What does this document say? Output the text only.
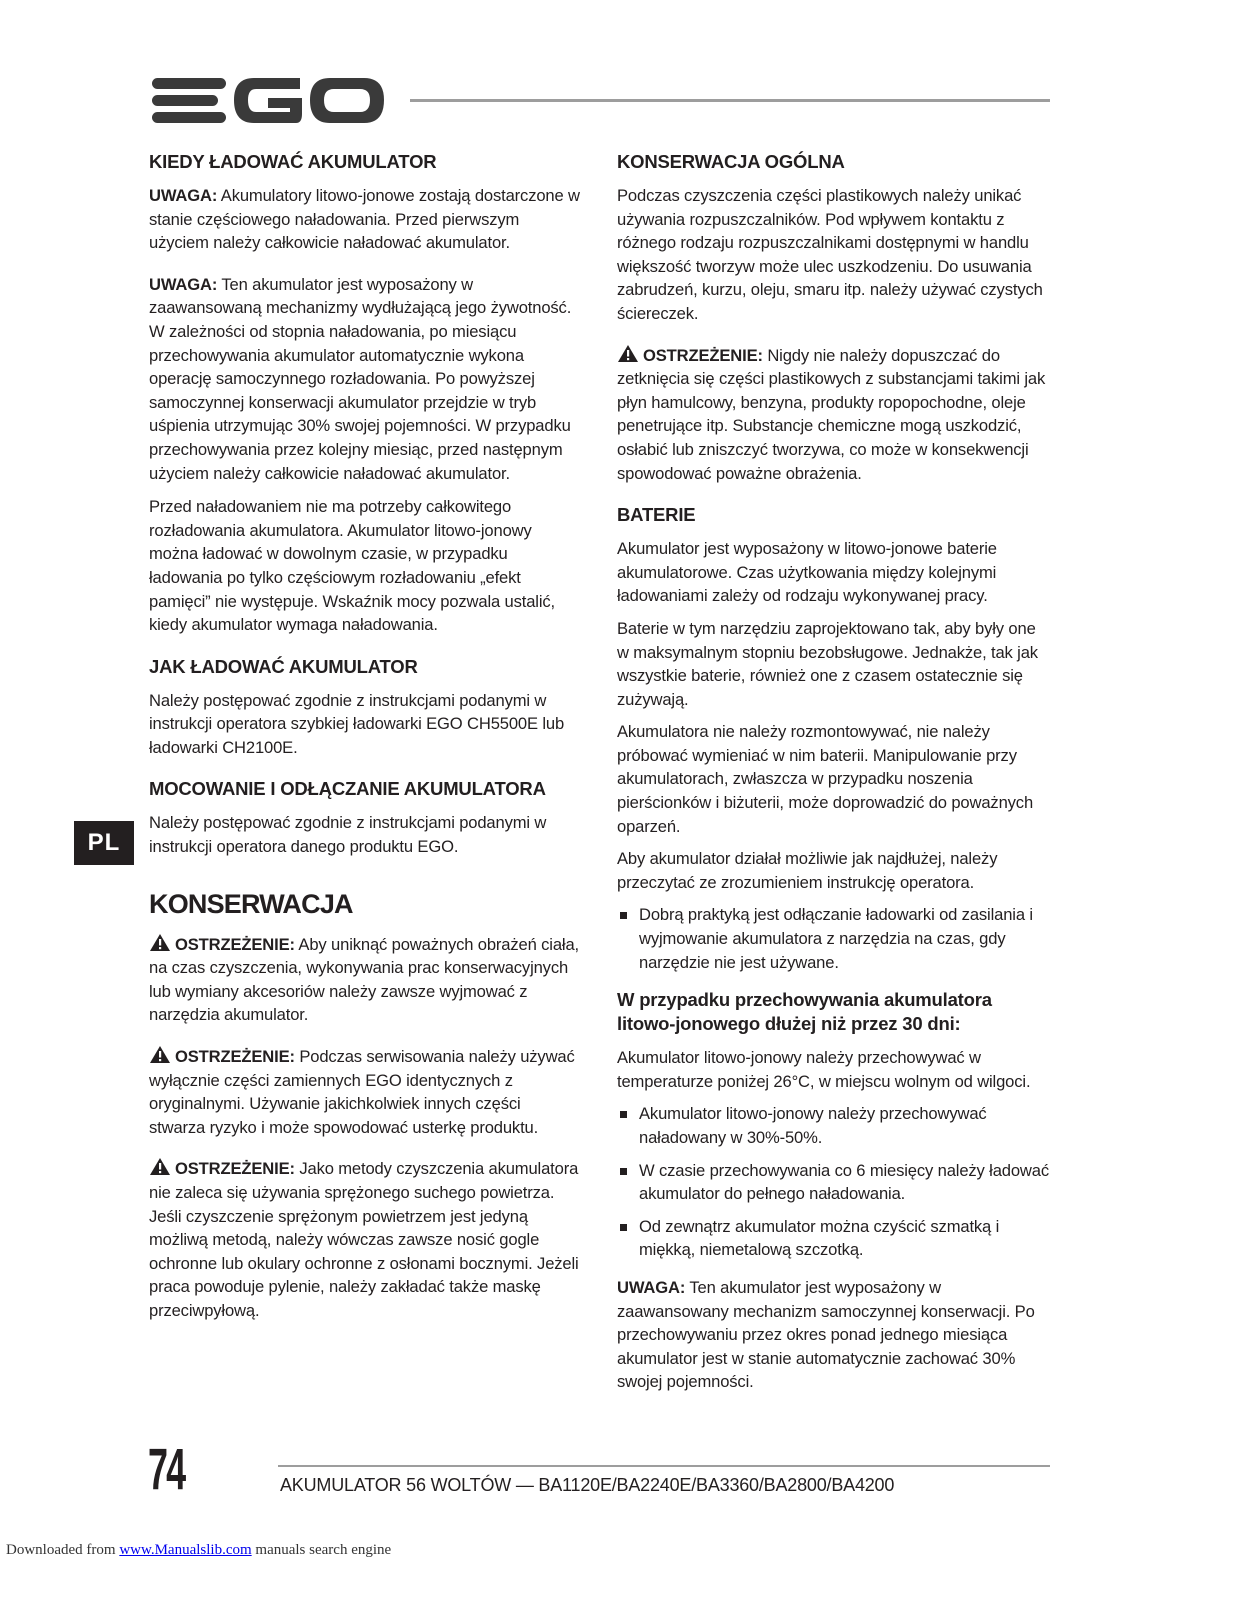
KIEDY ŁADOWAĆ AKUMULATOR
UWAGA: Akumulatory litowo-jonowe zostają dostarczone w stanie częściowego naładowania. Przed pierwszym użyciem należy całkowicie naładować akumulator.
UWAGA: Ten akumulator jest wyposażony w zaawansowaną mechanizmy wydłużającą jego żywotność. W zależności od stopnia naładowania, po miesiącu przechowywania akumulator automatycznie wykona operację samoczynnego rozładowania. Po powyższej samoczynnej konserwacji akumulator przejdzie w tryb uśpienia utrzymując 30% swojej pojemności. W przypadku przechowywania przez kolejny miesiąc, przed następnym użyciem należy całkowicie naładować akumulator.
Przed naładowaniem nie ma potrzeby całkowitego rozładowania akumulatora. Akumulator litowo-jonowy można ładować w dowolnym czasie, w przypadku ładowania po tylko częściowym rozładowaniu „efekt pamięci” nie występuje. Wskaźnik mocy pozwala ustalić, kiedy akumulator wymaga naładowania.
JAK ŁADOWAĆ AKUMULATOR
Należy postępować zgodnie z instrukcjami podanymi w instrukcji operatora szybkiej ładowarki EGO CH5500E lub ładowarki CH2100E.
MOCOWANIE I ODŁĄCZANIE AKUMULATORA
Należy postępować zgodnie z instrukcjami podanymi w instrukcji operatora danego produktu EGO.
KONSERWACJA
OSTRZEŻENIE: Aby uniknąć poważnych obrażeń ciała, na czas czyszczenia, wykonywania prac konserwacyjnych lub wymiany akcesoriów należy zawsze wyjmować z narzędzia akumulator.
OSTRZEŻENIE: Podczas serwisowania należy używać wyłącznie części zamiennych EGO identycznych z oryginalnymi. Używanie jakichkolwiek innych części stwarza ryzyko i może spowodować usterkę produktu.
OSTRZEŻENIE: Jako metody czyszczenia akumulatora nie zaleca się używania sprężonego suchego powietrza. Jeśli czyszczenie sprężonym powietrzem jest jedyną możliwą metodą, należy wówczas zawsze nosić gogle ochronne lub okulary ochronne z osłonami bocznymi. Jeżeli praca powoduje pylenie, należy zakładać także maskę przeciwpyłową.
KONSERWACJA OGÓLNA
Podczas czyszczenia części plastikowych należy unikać używania rozpuszczalników. Pod wpływem kontaktu z różnego rodzaju rozpuszczalnikami dostępnymi w handlu większość tworzyw może ulec uszkodzeniu. Do usuwania zabrudzeń, kurzu, oleju, smaru itp. należy używać czystych ściereczek.
OSTRZEŻENIE: Nigdy nie należy dopuszczać do zetknięcia się części plastikowych z substancjami takimi jak płyn hamulcowy, benzyna, produkty ropopochodne, oleje penetrujące itp. Substancje chemiczne mogą uszkodzić, osłabić lub zniszczyć tworzywa, co może w konsekwencji spowodować poważne obrażenia.
BATERIE
Akumulator jest wyposażony w litowo-jonowe baterie akumulatorowe. Czas użytkowania między kolejnymi ładowaniami zależy od rodzaju wykonywanej pracy.
Baterie w tym narzędziu zaprojektowano tak, aby były one w maksymalnym stopniu bezobsługowe. Jednakże, tak jak wszystkie baterie, również one z czasem ostatecznie się zużywają.
Akumulatora nie należy rozmontowywać, nie należy próbować wymieniać w nim baterii. Manipulowanie przy akumulatorach, zwłaszcza w przypadku noszenia pierścionków i biżuterii, może doprowadzić do poważnych oparzeń.
Aby akumulator działał możliwie jak najdłużej, należy przeczytać ze zrozumieniem instrukcję operatora.
Dobrą praktyką jest odłączanie ładowarki od zasilania i wyjmowanie akumulatora z narzędzia na czas, gdy narzędzie nie jest używane.
W przypadku przechowywania akumulatora litowo-jonowego dłużej niż przez 30 dni:
Akumulator litowo-jonowy należy przechowywać w temperaturze poniżej 26°C, w miejscu wolnym od wilgoci.
Akumulator litowo-jonowy należy przechowywać naładowany w 30%-50%.
W czasie przechowywania co 6 miesięcy należy ładować akumulator do pełnego naładowania.
Od zewnątrz akumulator można czyścić szmatką i miękką, niemetalową szczotką.
UWAGA: Ten akumulator jest wyposażony w zaawansowany mechanizm samoczynnej konserwacji. Po przechowywaniu przez okres ponad jednego miesiąca akumulator jest w stanie automatycznie zachować 30% swojej pojemności.
PL
74	AKUMULATOR 56 WOLTÓW — BA1120E/BA2240E/BA3360/BA2800/BA4200
Downloaded from www.Manualslib.com manuals search engine
